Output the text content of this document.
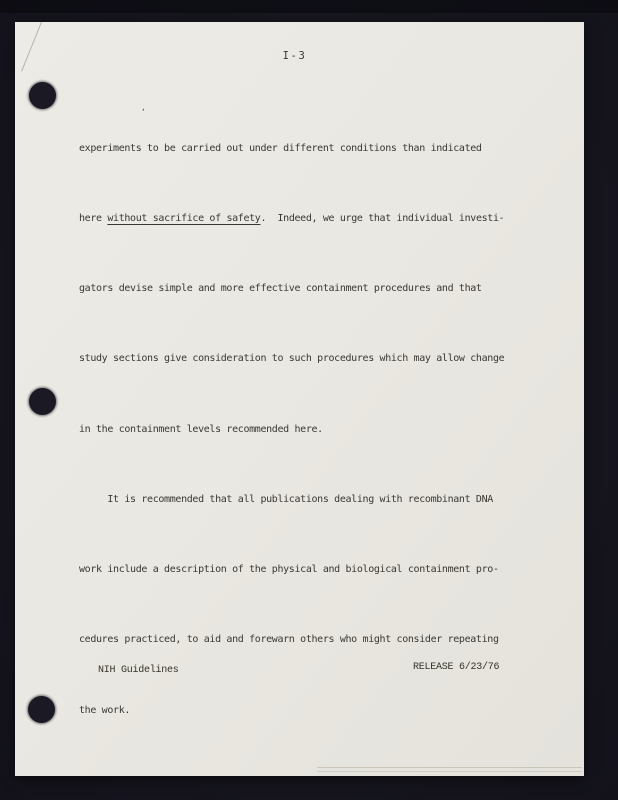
I-3
,

experiments to be carried out under different conditions than indicated

here without sacrifice of safety.  Indeed, we urge that individual investi-

gators devise simple and more effective containment procedures and that

study sections give consideration to such procedures which may allow change

in the containment levels recommended here.

It is recommended that all publications dealing with recombinant DNA

work include a description of the physical and biological containment pro-

cedures practiced, to aid and forewarn others who might consider repeating

the work.

NIH Guidelines	RELEASE 6/23/76
